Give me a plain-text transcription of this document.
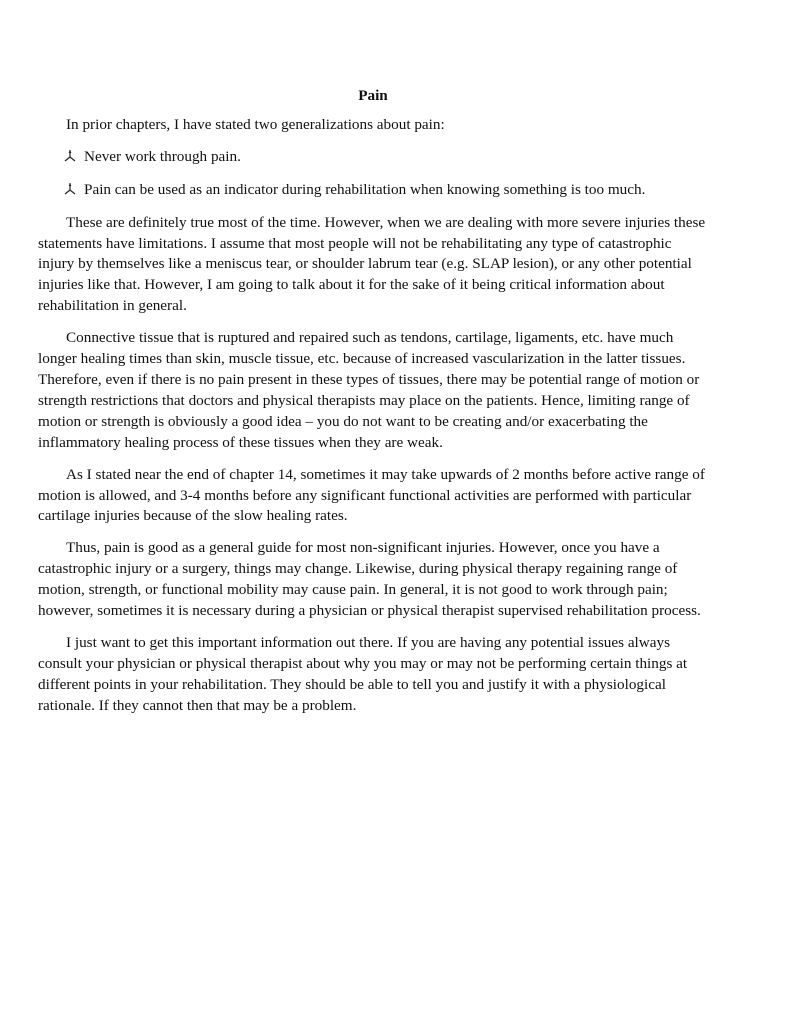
Pain

In prior chapters, I have stated two generalizations about pain:

Never work through pain.
Pain can be used as an indicator during rehabilitation when knowing something is too much.

These are definitely true most of the time. However, when we are dealing with more severe injuries these statements have limitations. I assume that most people will not be rehabilitating any type of catastrophic injury by themselves like a meniscus tear, or shoulder labrum tear (e.g. SLAP lesion), or any other potential injuries like that. However, I am going to talk about it for the sake of it being critical information about rehabilitation in general.

Connective tissue that is ruptured and repaired such as tendons, cartilage, ligaments, etc. have much longer healing times than skin, muscle tissue, etc. because of increased vascularization in the latter tissues. Therefore, even if there is no pain present in these types of tissues, there may be potential range of motion or strength restrictions that doctors and physical therapists may place on the patients. Hence, limiting range of motion or strength is obviously a good idea – you do not want to be creating and/or exacerbating the inflammatory healing process of these tissues when they are weak.

As I stated near the end of chapter 14, sometimes it may take upwards of 2 months before active range of motion is allowed, and 3-4 months before any significant functional activities are performed with particular cartilage injuries because of the slow healing rates.

Thus, pain is good as a general guide for most non-significant injuries. However, once you have a catastrophic injury or a surgery, things may change. Likewise, during physical therapy regaining range of motion, strength, or functional mobility may cause pain. In general, it is not good to work through pain; however, sometimes it is necessary during a physician or physical therapist supervised rehabilitation process.

I just want to get this important information out there. If you are having any potential issues always consult your physician or physical therapist about why you may or may not be performing certain things at different points in your rehabilitation. They should be able to tell you and justify it with a physiological rationale. If they cannot then that may be a problem.
